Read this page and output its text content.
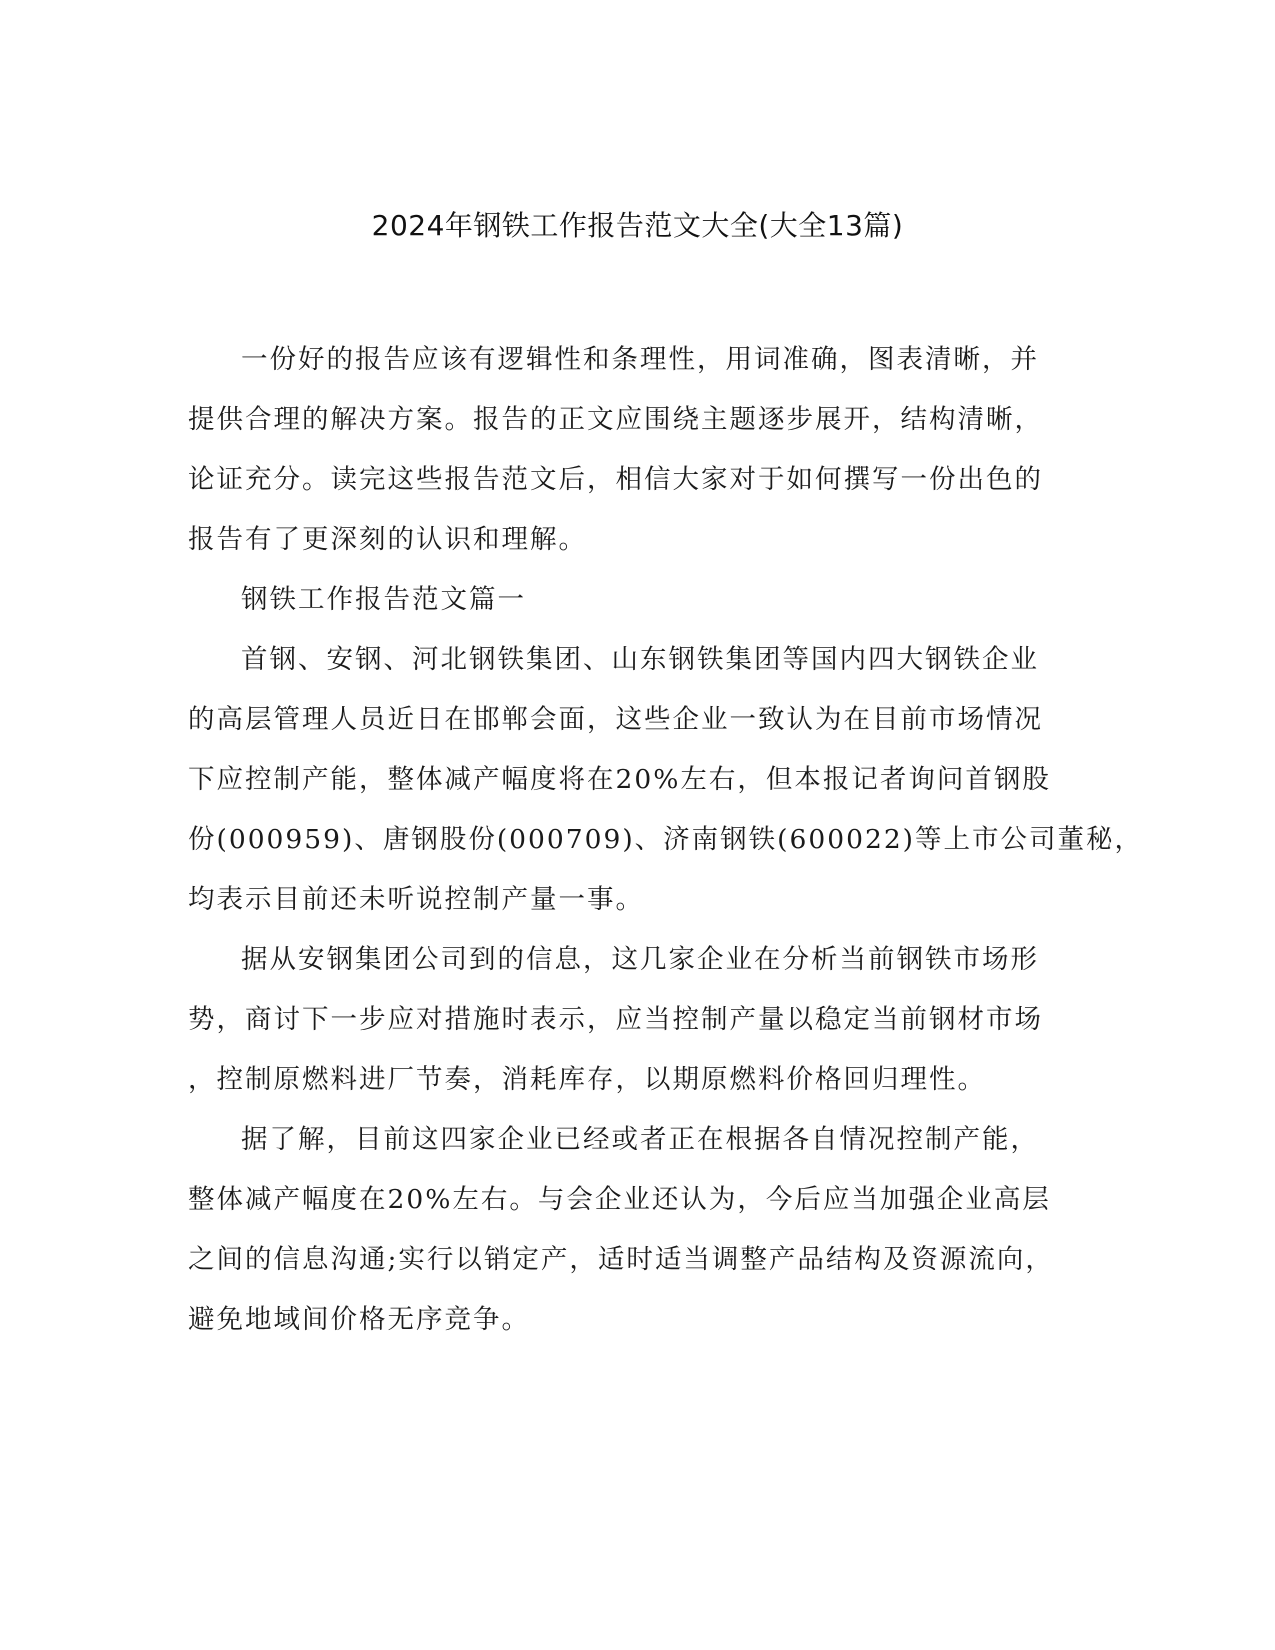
2024年钢铁工作报告范文大全(大全13篇)
一份好的报告应该有逻辑性和条理性，用词准确，图表清晰，并
提供合理的解决方案。报告的正文应围绕主题逐步展开，结构清晰，
论证充分。读完这些报告范文后，相信大家对于如何撰写一份出色的
报告有了更深刻的认识和理解。
钢铁工作报告范文篇一
首钢、安钢、河北钢铁集团、山东钢铁集团等国内四大钢铁企业
的高层管理人员近日在邯郸会面，这些企业一致认为在目前市场情况
下应控制产能，整体减产幅度将在20%左右，但本报记者询问首钢股
份(000959)、唐钢股份(000709)、济南钢铁(600022)等上市公司董秘，
均表示目前还未听说控制产量一事。
据从安钢集团公司到的信息，这几家企业在分析当前钢铁市场形
势，商讨下一步应对措施时表示，应当控制产量以稳定当前钢材市场
，控制原燃料进厂节奏，消耗库存，以期原燃料价格回归理性。
据了解，目前这四家企业已经或者正在根据各自情况控制产能，
整体减产幅度在20%左右。与会企业还认为，今后应当加强企业高层
之间的信息沟通;实行以销定产，适时适当调整产品结构及资源流向，
避免地域间价格无序竞争。
